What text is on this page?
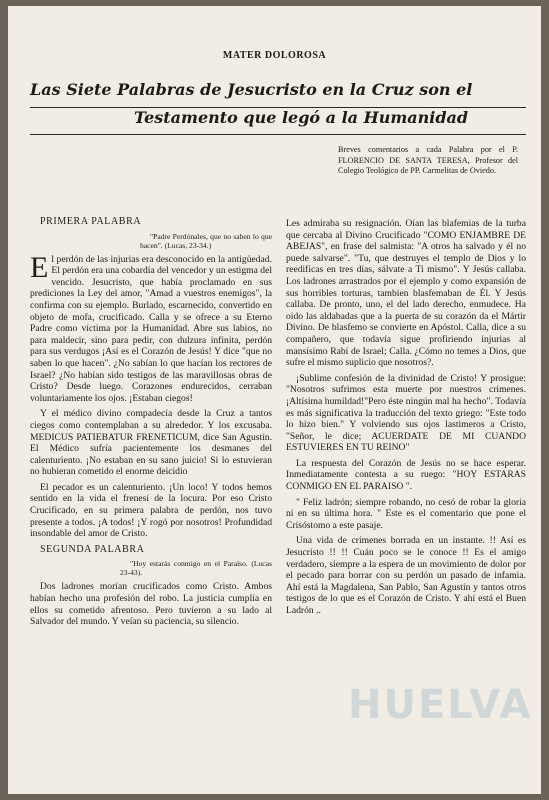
MATER DOLOROSA
Las Siete Palabras de Jesucristo en la Cruz son el
Testamento que legó a la Humanidad
Breves comentarios a cada Palabra por el P. FLORENCIO DE SANTA TERESA, Profesor del Colegio Teológico de PP. Carmelitas de Oviedo.

PRIMERA PALABRA

"Padre Perdónales, que no saben lo que hacen". (Lucas, 23-34.)

El perdón de las injurias era desconocido en la antigüedad. El perdón era una cobardía del vencedor y un estigma del vencido. Jesucristo, que había proclamado en sus prediciones la Ley del amor, "Amad a vuestros enemigos", la confirma con su ejemplo. Burlado, escarnecido, convertido en objeto de mofa, crucificado. Calla y se ofrece a su Eterno Padre como víctima por la Humanidad. Abre sus labios, no para maldecir, sino para pedir, con dulzura infinita, perdón para sus verdugos ¡Así es el Corazón de Jesús! Y dice "que no saben lo que hacen". ¿No sabían lo que hacían los rectores de Israel? ¿No habían sido testigos de las maravillosas obras de Cristo? Desde luego. Corazones endurecidos, cerraban voluntariamente los ojos. ¡Estaban ciegos!

Y el médico divino compadecía desde la Cruz a tantos ciegos como contemplaban a su alrededor. Y los excusaba. MEDICUS PATIEBATUR FRENETICUM, dice San Agustín. El Médico sufría pacientemente los desmanes del calenturiento. ¡No estaban en su sano juicio! Si lo estuvieran no hubieran cometido el enorme deicidio

El pecador es un calenturiento. ¡Un loco! Y todos hemos sentido en la vida el frenesí de la locura. Por eso Cristo Crucificado, en su primera palabra de perdón, nos tuvo presente a todos. ¡A todos! ¡Y rogó por nosotros! Profundidad insondable del amor de Cristo.

SEGUNDA PALABRA

"Hoy estarás conmigo en el Paraíso. (Lucas 23-43).

Dos ladrones morían crucificados como Cristo. Ambos habían hecho una profesión del robo. La justicia cumplía en ellos su cometido afrentoso. Pero tuvieron a su lado al Salvador del mundo. Y veían su paciencia, su silencio.

Les admiraba su resignación. Oían las blafemias de la turba que cercaba al Divino Crucificado "COMO ENJAMBRE DE ABEJAS", en frase del salmista: "A otros ha salvado y él no puede salvarse". "Tu, que destruyes el templo de Dios y lo reedificas en tres días, sálvate a Ti mismo". Y Jesús callaba. Los ladrones arrastrados por el ejemplo y como expansión de sus horribles torturas, tambien blasfemaban de Él. Y Jesús callaba. De pronto, uno, el del lado derecho, enmudece. Ha oido las aldabadas que a la puerta de su corazón da el Mártir Divino. De blasfemo se convierte en Apóstol. Calla, dice a su compañero, que todavía sigue profiriendo injurias al mansísimo Rabí de Israel; Calla. ¿Cómo no temes a Dios, que sufre el mismo suplicio que nosotros?.

¡Sublime confesión de la divinidad de Cristo! Y prosigue: "Nosotros sufrimos esta muerte por nuestros crimenes. ¡Altísima humildad!"Pero éste ningún mal ha hecho". Todavía es más significativa la traducción del texto griego: "Este todo lo hizo bien." Y volviendo sus ojos lastimeros a Cristo, "Señor, le dice; ACUERDATE DE MI CUANDO ESTUVIERES EN TU REINO"

La respuesta del Corazón de Jesús no se hace esperar. Inmediatamente contesta a su ruego: "HOY ESTARAS CONMIGO EN EL PARAISO ".

" Feliz ladrón; siempre robando, no cesó de robar la gloria ni en su última hora. " Este es el comentario que pone el Crisóstomo a este pasaje.

Una vida de crímenes borrada en un instante. !! Así es Jesucristo !! !! Cuán poco se le conoce !! Es el amigo verdadero, siempre a la espera de un movimiento de dolor por el pecado para borrar con su perdón un pasado de infamia. Ahí está la Magdalena, San Pablo, San Agustín y tantos otros testigos de lo que es el Corazón de Cristo. Y ahí está el Buen Ladrón ..

HUELVA
